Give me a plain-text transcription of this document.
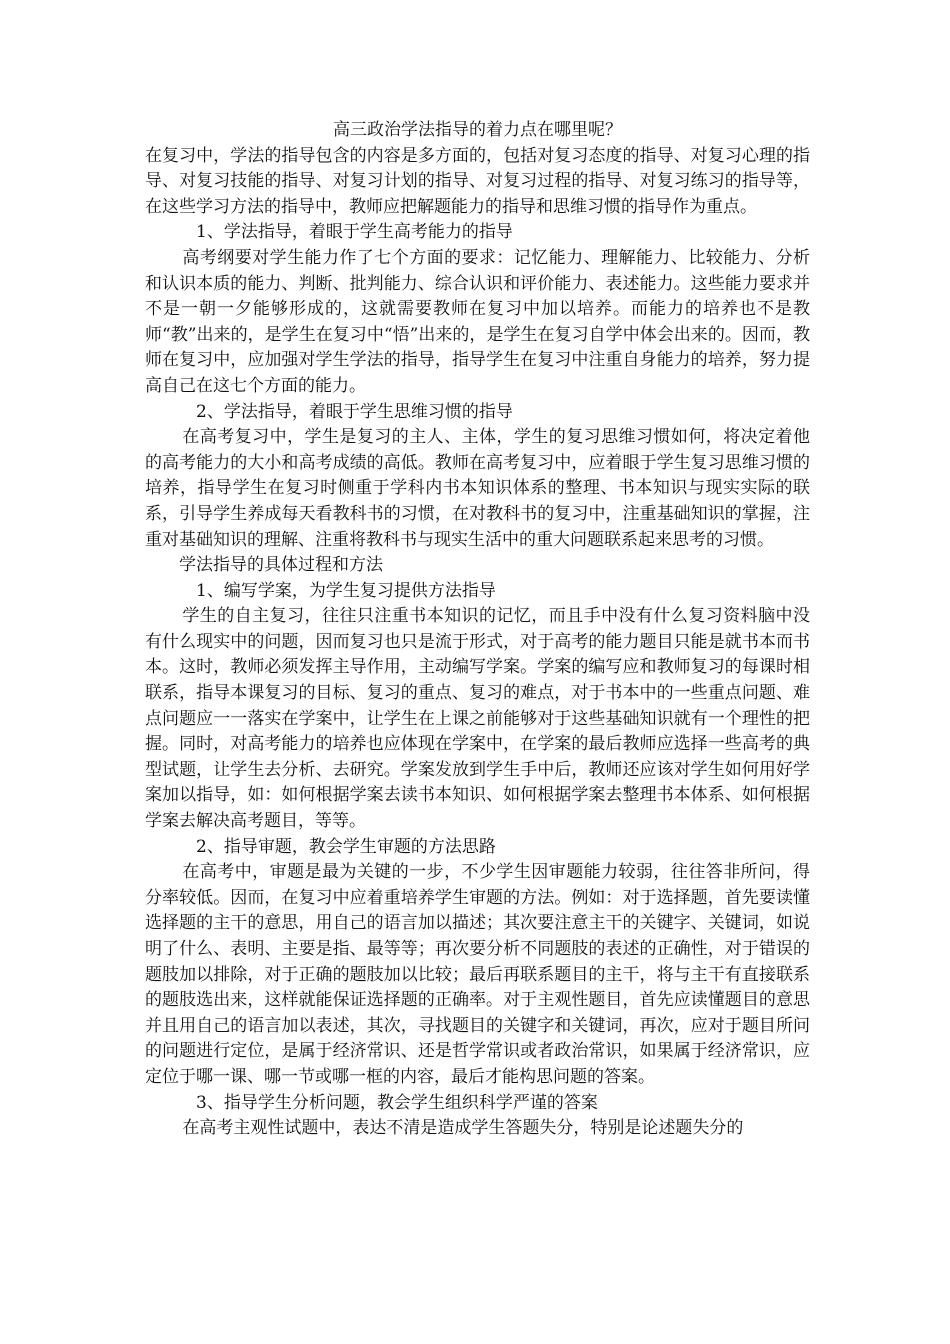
高三政治学法指导的着力点在哪里呢？

在复习中，学法的指导包含的内容是多方面的，包括对复习态度的指导、对复习心理的指导、对复习技能的指导、对复习计划的指导、对复习过程的指导、对复习练习的指导等，在这些学习方法的指导中，教师应把解题能力的指导和思维习惯的指导作为重点。

1、学法指导，着眼于学生高考能力的指导

高考纲要对学生能力作了七个方面的要求：记忆能力、理解能力、比较能力、分析和认识本质的能力、判断、批判能力、综合认识和评价能力、表述能力。这些能力要求并不是一朝一夕能够形成的，这就需要教师在复习中加以培养。而能力的培养也不是教师“教”出来的，是学生在复习中“悟”出来的，是学生在复习自学中体会出来的。因而，教师在复习中，应加强对学生学法的指导，指导学生在复习中注重自身能力的培养，努力提高自己在这七个方面的能力。

2、学法指导，着眼于学生思维习惯的指导

在高考复习中，学生是复习的主人、主体，学生的复习思维习惯如何，将决定着他的高考能力的大小和高考成绩的高低。教师在高考复习中，应着眼于学生复习思维习惯的培养，指导学生在复习时侧重于学科内书本知识体系的整理、书本知识与现实实际的联系，引导学生养成每天看教科书的习惯，在对教科书的复习中，注重基础知识的掌握，注重对基础知识的理解、注重将教科书与现实生活中的重大问题联系起来思考的习惯。

学法指导的具体过程和方法

1、编写学案，为学生复习提供方法指导

学生的自主复习，往往只注重书本知识的记忆，而且手中没有什么复习资料脑中没有什么现实中的问题，因而复习也只是流于形式，对于高考的能力题目只能是就书本而书本。这时，教师必须发挥主导作用，主动编写学案。学案的编写应和教师复习的每课时相联系，指导本课复习的目标、复习的重点、复习的难点，对于书本中的一些重点问题、难点问题应一一落实在学案中，让学生在上课之前能够对于这些基础知识就有一个理性的把握。同时，对高考能力的培养也应体现在学案中，在学案的最后教师应选择一些高考的典型试题，让学生去分析、去研究。学案发放到学生手中后，教师还应该对学生如何用好学案加以指导，如：如何根据学案去读书本知识、如何根据学案去整理书本体系、如何根据学案去解决高考题目，等等。

2、指导审题，教会学生审题的方法思路

在高考中，审题是最为关键的一步，不少学生因审题能力较弱，往往答非所问，得分率较低。因而，在复习中应着重培养学生审题的方法。例如：对于选择题，首先要读懂选择题的主干的意思，用自己的语言加以描述；其次要注意主干的关键字、关键词，如说明了什么、表明、主要是指、最等等；再次要分析不同题肢的表述的正确性，对于错误的题肢加以排除，对于正确的题肢加以比较；最后再联系题目的主干，将与主干有直接联系的题肢选出来，这样就能保证选择题的正确率。对于主观性题目，首先应读懂题目的意思并且用自己的语言加以表述，其次，寻找题目的关键字和关键词，再次，应对于题目所问的问题进行定位，是属于经济常识、还是哲学常识或者政治常识，如果属于经济常识，应定位于哪一课、哪一节或哪一框的内容，最后才能构思问题的答案。

3、指导学生分析问题，教会学生组织科学严谨的答案

在高考主观性试题中，表达不清是造成学生答题失分，特别是论述题失分的
